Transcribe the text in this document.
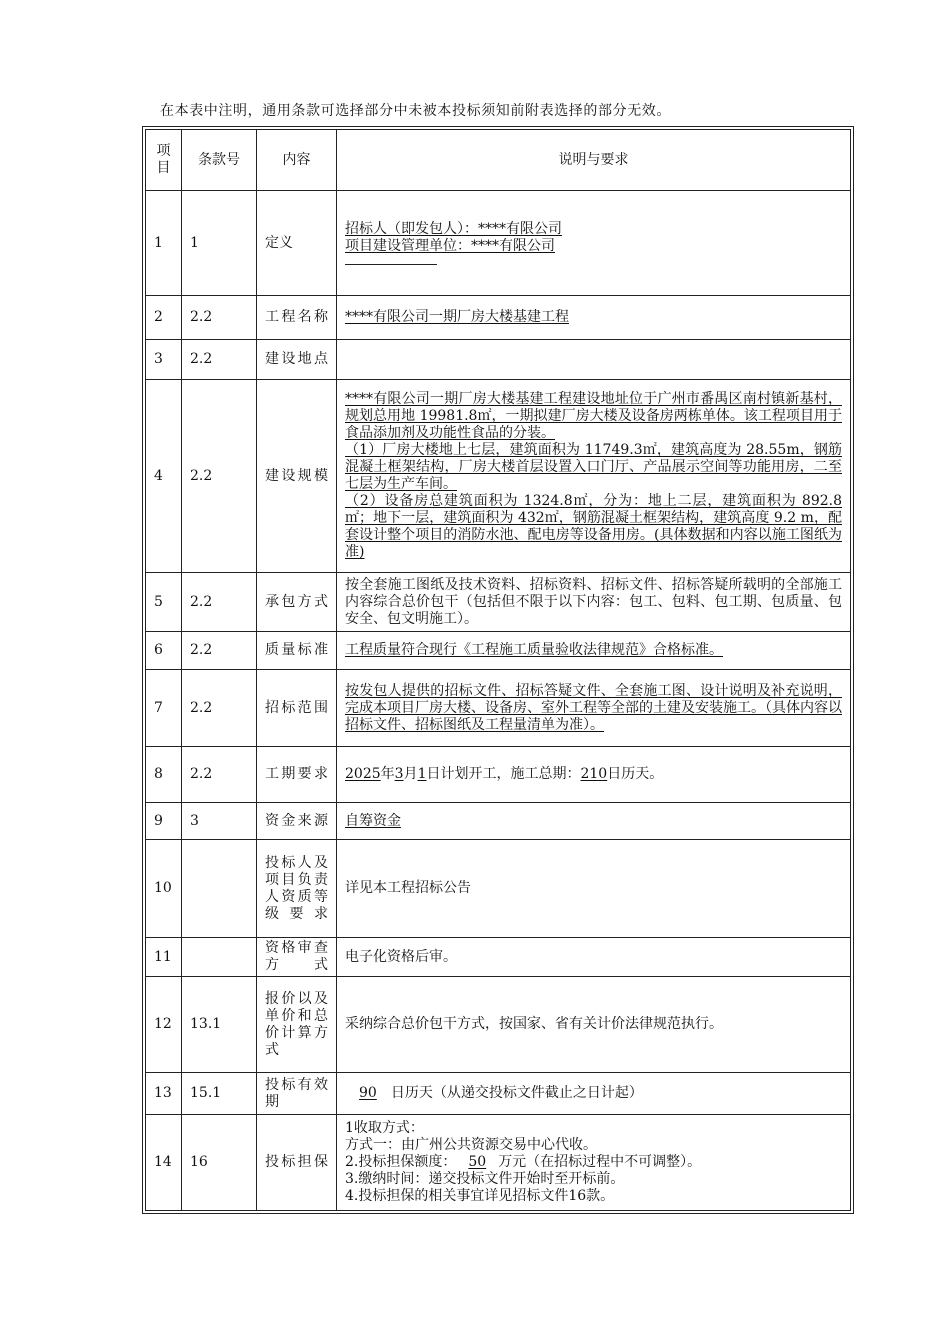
在本表中注明，通用条款可选择部分中未被本投标须知前附表选择的部分无效。
项目	条款号	内容	说明与要求
1	1	定义	招标人（即发包人）：****有限公司
项目建设管理单位：****有限公司

2	2.2	工程名称	****有限公司一期厂房大楼基建工程
3	2.2	建设地点	
4	2.2	建设规模	****有限公司一期厂房大楼基建工程建设地址位于广州市番禺区南村镇新基村，规划总用地 19981.8㎡，一期拟建厂房大楼及设备房两栋单体。该工程项目用于食品添加剂及功能性食品的分装。
（1）厂房大楼地上七层，建筑面积为 11749.3㎡，建筑高度为 28.55m，钢筋混凝土框架结构，厂房大楼首层设置入口门厅、产品展示空间等功能用房，二至七层为生产车间。
（2）设备房总建筑面积为 1324.8㎡，分为：地上二层，建筑面积为 892.8㎡；地下一层，建筑面积为 432㎡，钢筋混凝土框架结构，建筑高度 9.2 m，配套设计整个项目的消防水池、配电房等设备用房。(具体数据和内容以施工图纸为准)

5	2.2	承包方式	按全套施工图纸及技术资料、招标资料、招标文件、招标答疑所载明的全部施工内容综合总价包干（包括但不限于以下内容：包工、包料、包工期、包质量、包安全、包文明施工）。
6	2.2	质量标准	工程质量符合现行《工程施工质量验收法律规范》合格标准。
7	2.2	招标范围	按发包人提供的招标文件、招标答疑文件、全套施工图、设计说明及补充说明，完成本项目厂房大楼、设备房、室外工程等全部的土建及安装施工。（具体内容以招标文件、招标图纸及工程量清单为准）。
8	2.2	工期要求	2025年3月1日计划开工，施工总期：210日历天。
9	3	资金来源	自筹资金
10		投标人及项目负责人资质等级要求	详见本工程招标公告
11		资格审查方式	电子化资格后审。
12	13.1	报价以及单价和总价计算方式	采纳综合总价包干方式，按国家、省有关计价法律规范执行。
13	15.1	投标有效期	90 日历天（从递交投标文件截止之日计起）
14	16	投标担保	1收取方式：
方式一：由广州公共资源交易中心代收。
2.投标担保额度： 50 万元（在招标过程中不可调整）。
3.缴纳时间：递交投标文件开始时至开标前。
4.投标担保的相关事宜详见招标文件16款。
